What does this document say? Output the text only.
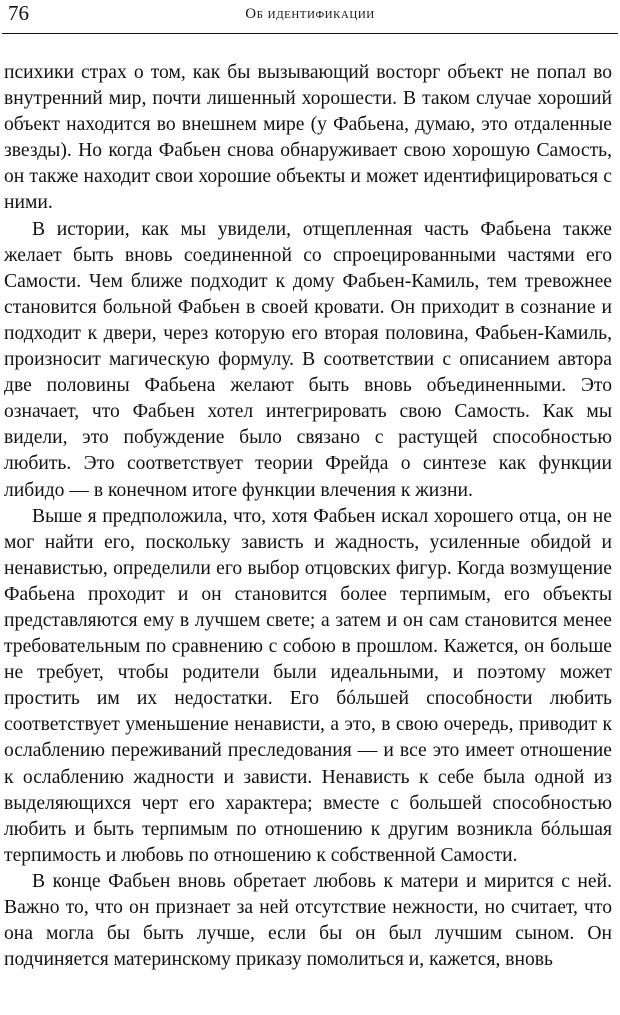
76	Об идентификации

психики страх о том, как бы вызывающий восторг объект не попал во внутренний мир, почти лишенный хорошести. В таком случае хороший объект находится во внешнем мире (у Фабьена, думаю, это отдаленные звезды). Но когда Фабьен снова обнаруживает свою хорошую Самость, он также находит свои хорошие объекты и может идентифицироваться с ними.

В истории, как мы увидели, отщепленная часть Фабьена также желает быть вновь соединенной со спроецированными частями его Самости. Чем ближе подходит к дому Фабьен-Камиль, тем тревожнее становится больной Фабьен в своей кровати. Он приходит в сознание и подходит к двери, через которую его вторая половина, Фабьен-Камиль, произносит магическую формулу. В соответствии с описанием автора две половины Фабьена желают быть вновь объединенными. Это означает, что Фабьен хотел интегрировать свою Самость. Как мы видели, это побуждение было связано с растущей способностью любить. Это соответствует теории Фрейда о синтезе как функции либидо — в конечном итоге функции влечения к жизни.

Выше я предположила, что, хотя Фабьен искал хорошего отца, он не мог найти его, поскольку зависть и жадность, усиленные обидой и ненавистью, определили его выбор отцовских фигур. Когда возмущение Фабьена проходит и он становится более терпимым, его объекты представляются ему в лучшем свете; а затем и он сам становится менее требовательным по сравнению с собою в прошлом. Кажется, он больше не требует, чтобы родители были идеальными, и поэтому может простить им их недостатки. Его бóльшей способности любить соответствует уменьшение ненависти, а это, в свою очередь, приводит к ослаблению переживаний преследования — и все это имеет отношение к ослаблению жадности и зависти. Ненависть к себе была одной из выделяющихся черт его характера; вместе с большей способностью любить и быть терпимым по отношению к другим возникла бóльшая терпимость и любовь по отношению к собственной Самости.

В конце Фабьен вновь обретает любовь к матери и мирится с ней. Важно то, что он признает за ней отсутствие нежности, но считает, что она могла бы быть лучше, если бы он был лучшим сыном. Он подчиняется материнскому приказу помолиться и, кажется, вновь
